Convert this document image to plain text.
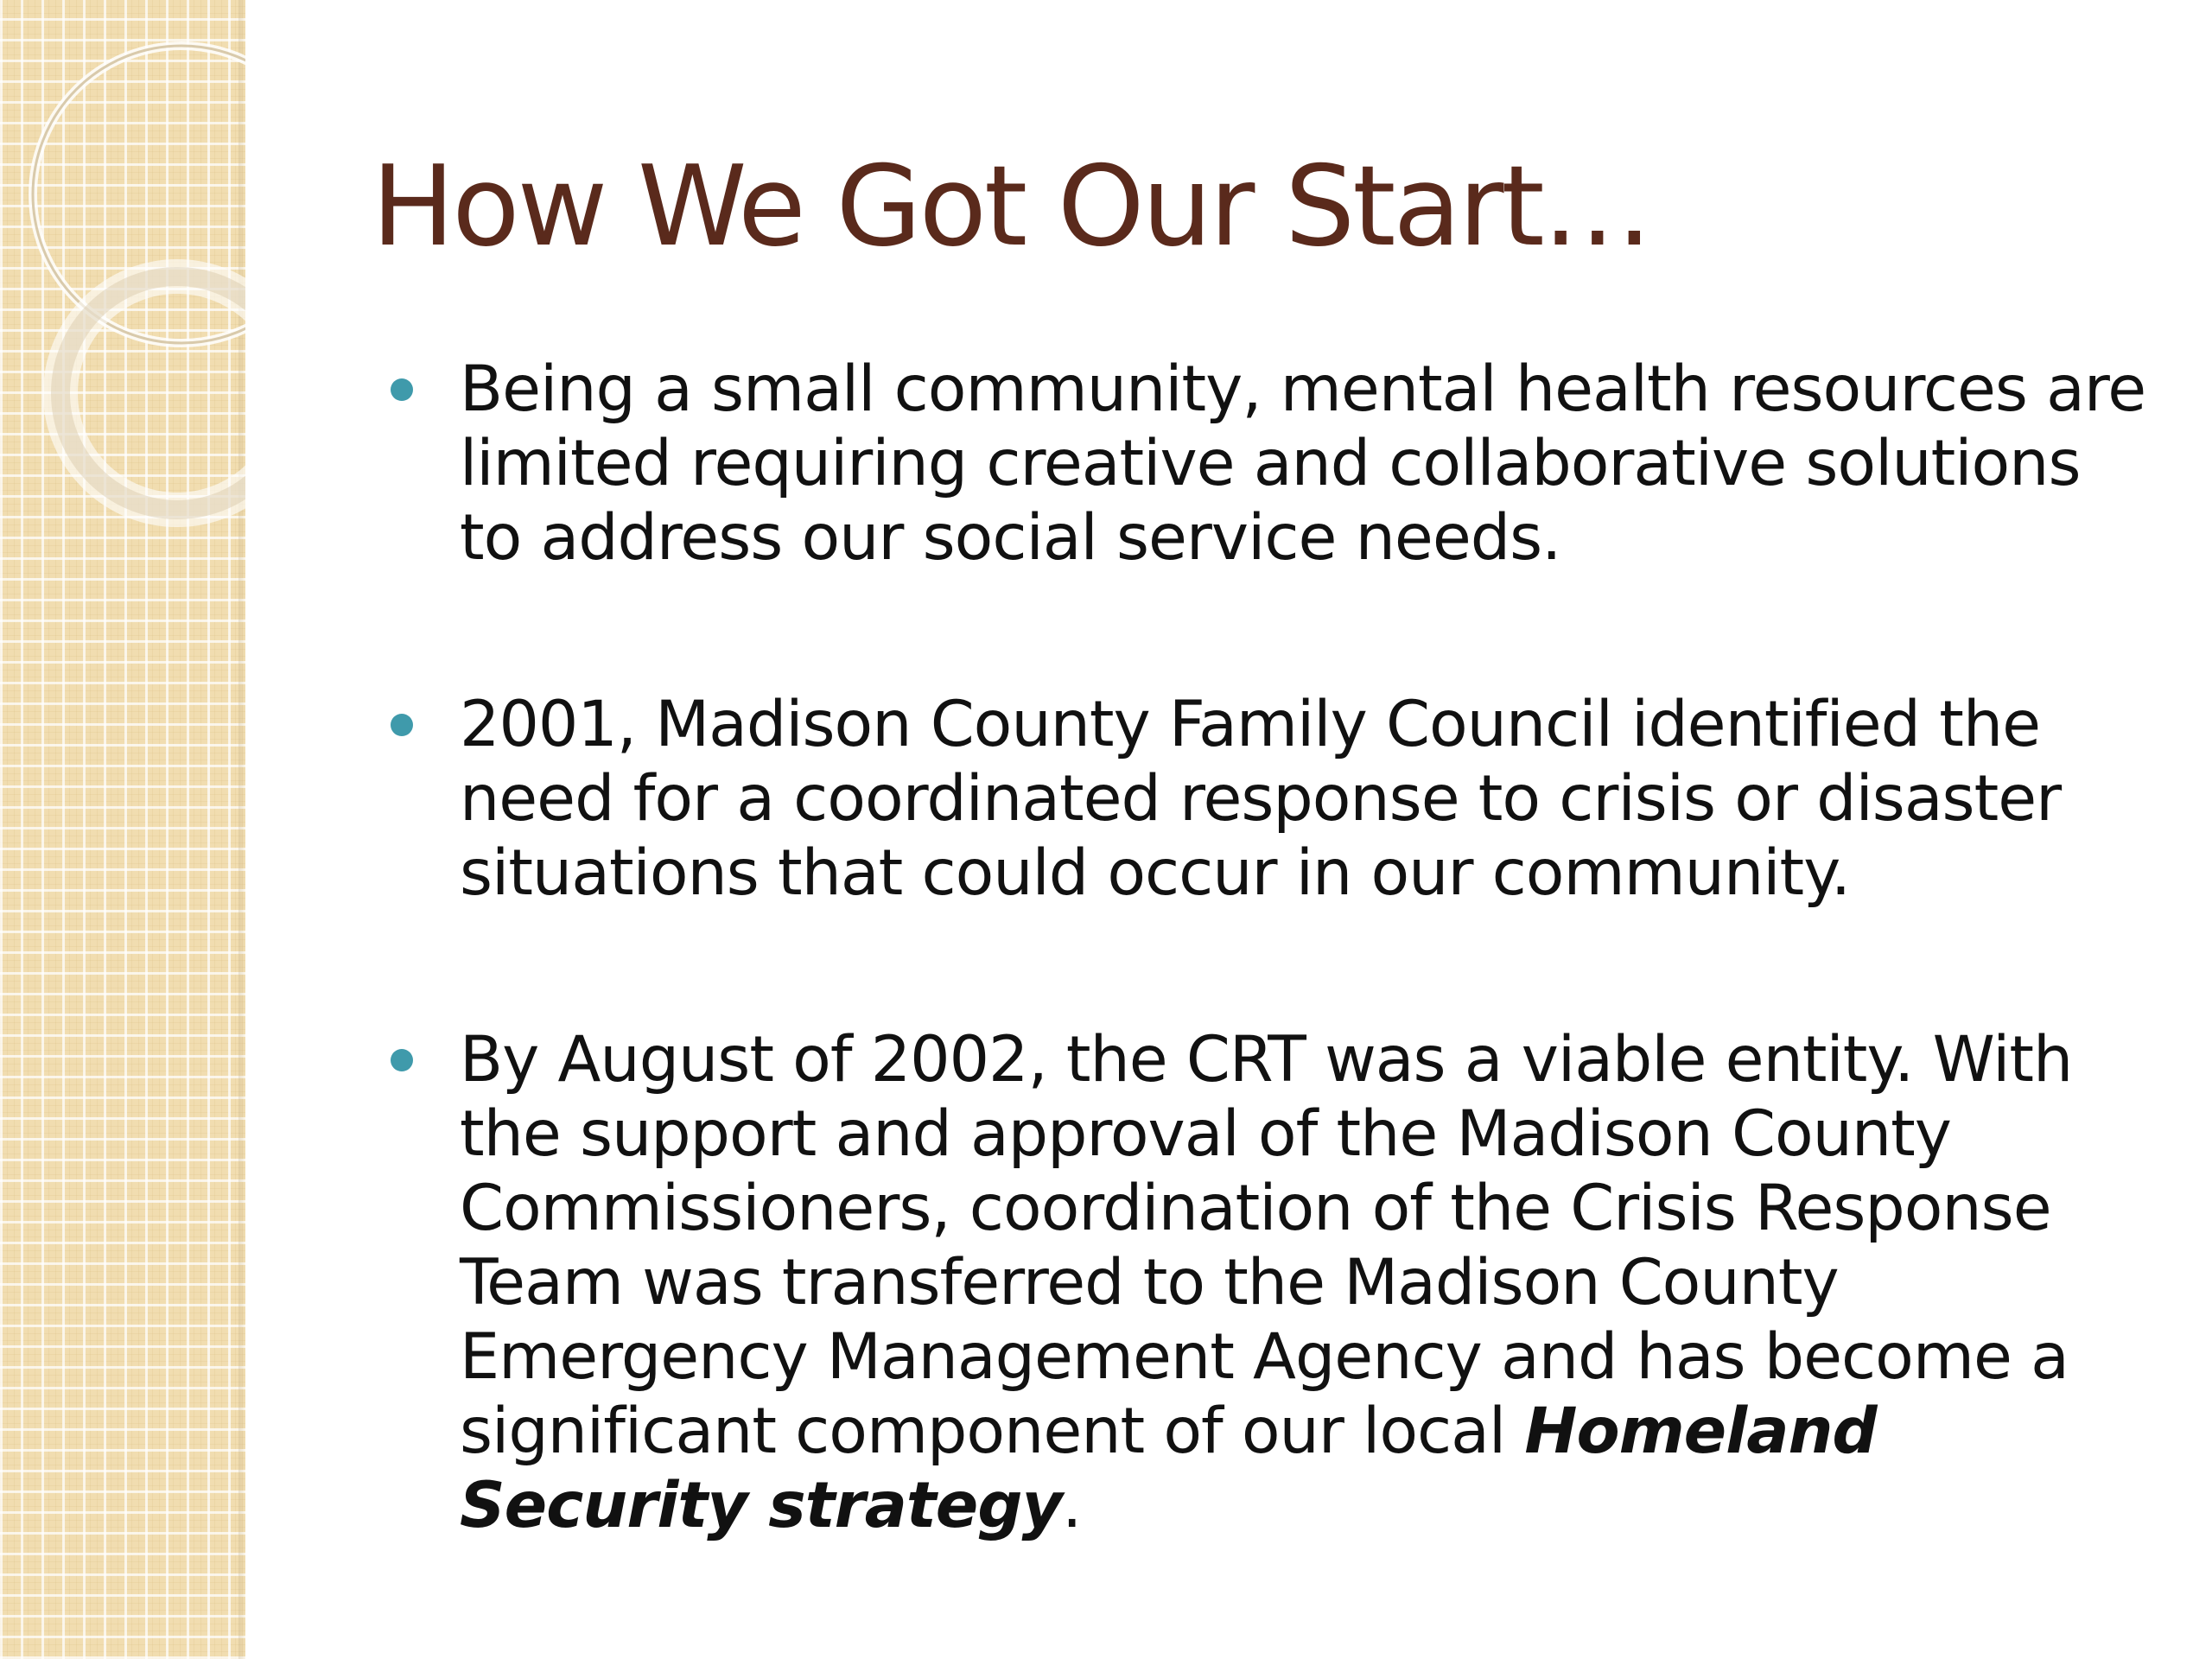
How We Got Our Start…
Being a small community, mental health resources are limited requiring creative and collaborative solutions to address our social service needs.
2001, Madison County Family Council identified the need for a coordinated response to crisis or disaster situations that could occur in our community.
By August of 2002, the CRT was a viable entity. With the support and approval of the Madison County Commissioners, coordination of the Crisis Response Team was transferred to the Madison County Emergency Management Agency and has become a significant component of our local Homeland Security strategy.
